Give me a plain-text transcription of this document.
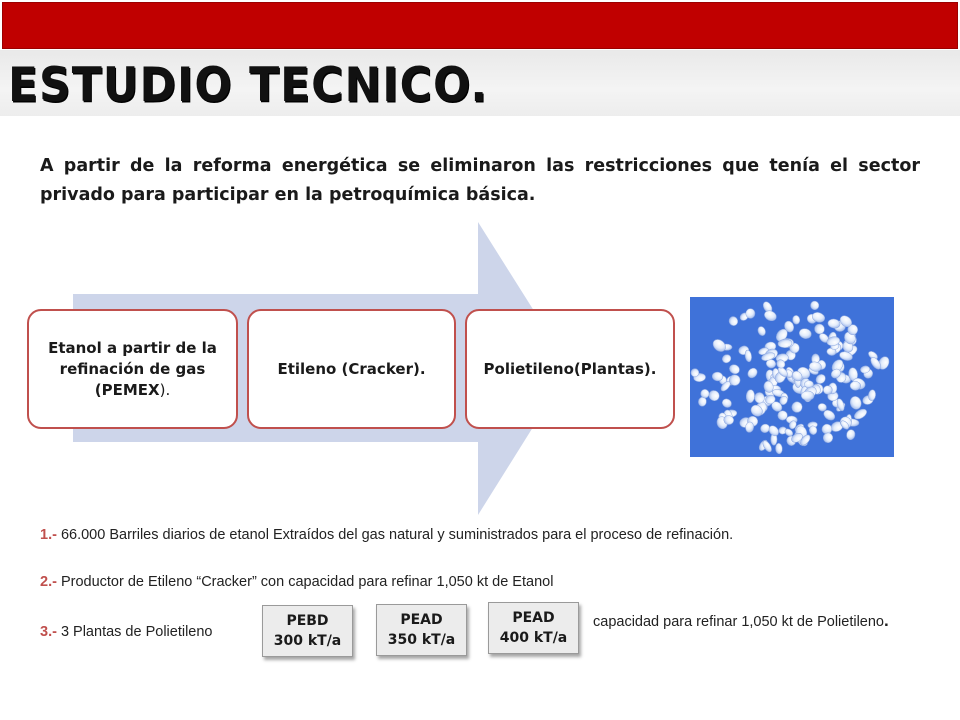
ESTUDIO TECNICO.

A partir de la reforma energética se eliminaron las restricciones que tenía el sector privado para participar en la petroquímica básica.

Etanol a partir de la refinación de gas (PEMEX).
Etileno (Cracker).	Polietileno(Plantas).

1.- 66.000 Barriles diarios de etanol Extraídos del gas natural y suministrados para el proceso de refinación.

2.- Productor de Etileno “Cracker” con capacidad para refinar 1,050 kt de Etanol

3.- 3 Plantas de Polietileno

PEBD
300 kT/a
PEAD
350 kT/a
PEAD
400 kT/a

capacidad para refinar 1,050 kt de Polietileno.
